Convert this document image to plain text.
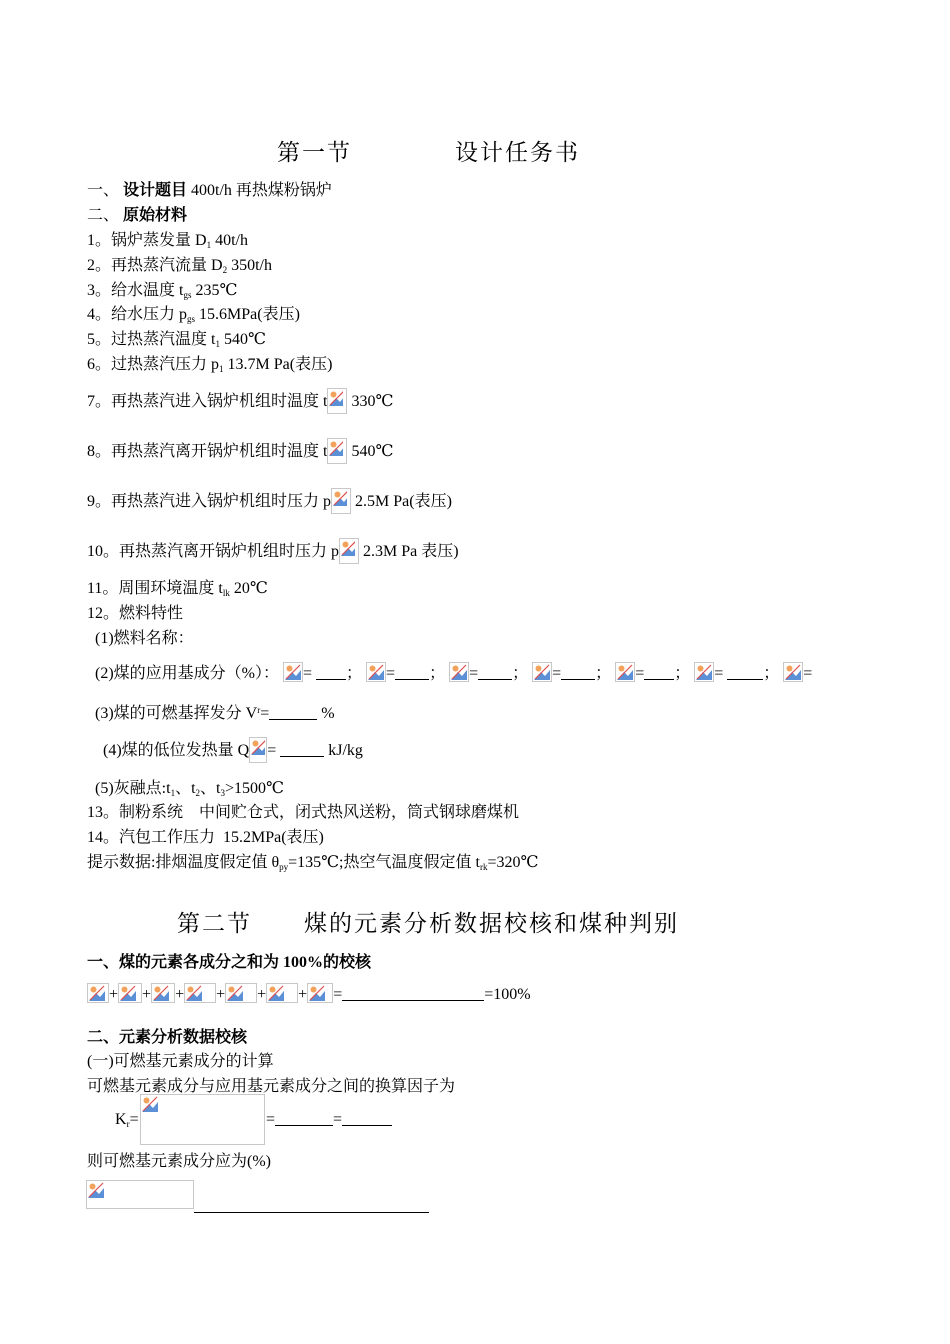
第一节	设计任务书
一、 设计题目 400t/h 再热煤粉锅炉
二、 原始材料
1。锅炉蒸发量 $D_1$ 40t/h
2。再热蒸汽流量 $D_2$ 350t/h
3。给水温度 $t_{gs}$ 235℃
4。给水压力 $p_{gs}$ 15.6MPa(表压)
5。过热蒸汽温度 $t_1$ 540℃
6。过热蒸汽压力 $p_1$ 13.7M Pa(表压)
7。再热蒸汽进入锅炉机组时温度 t
330℃
8。再热蒸汽离开锅炉机组时温度 t
540℃
9。再热蒸汽进入锅炉机组时压力 p
2.5M Pa(表压)
10。再热蒸汽离开锅炉机组时压力 p
2.3M Pa 表压)
11。周围环境温度 $t_{lk}$ 20℃
12。燃料特性
(1)燃料名称：
(2)煤的应用基成分（%）： = ； = ； = ； = ； = ； =	； =
(3)煤的可燃基挥发分 $V^r=$	%
(4)煤的低位发热量 Q =	kJ/kg
(5)灰融点$:t_1$、$t_2$、$t_3>1500℃$
13。制粉系统    中间贮仓式，闭式热风送粉，筒式钢球磨煤机
14。汽包工作压力  15.2MPa(表压)
提示数据:排烟温度假定值 $\theta_{py}=135℃$;热空气温度假定值 $t_{rk}=320℃$
第二节 煤的元素分析数据校核和煤种判别
一、煤的元素各成分之和为 100%的校核
+ + + + + + =	=100%
二、元素分析数据校核
(一)可燃基元素成分的计算
可燃基元素成分与应用基元素成分之间的换算因子为
$K_r=$	=	=
则可燃基元素成分应为(%)
